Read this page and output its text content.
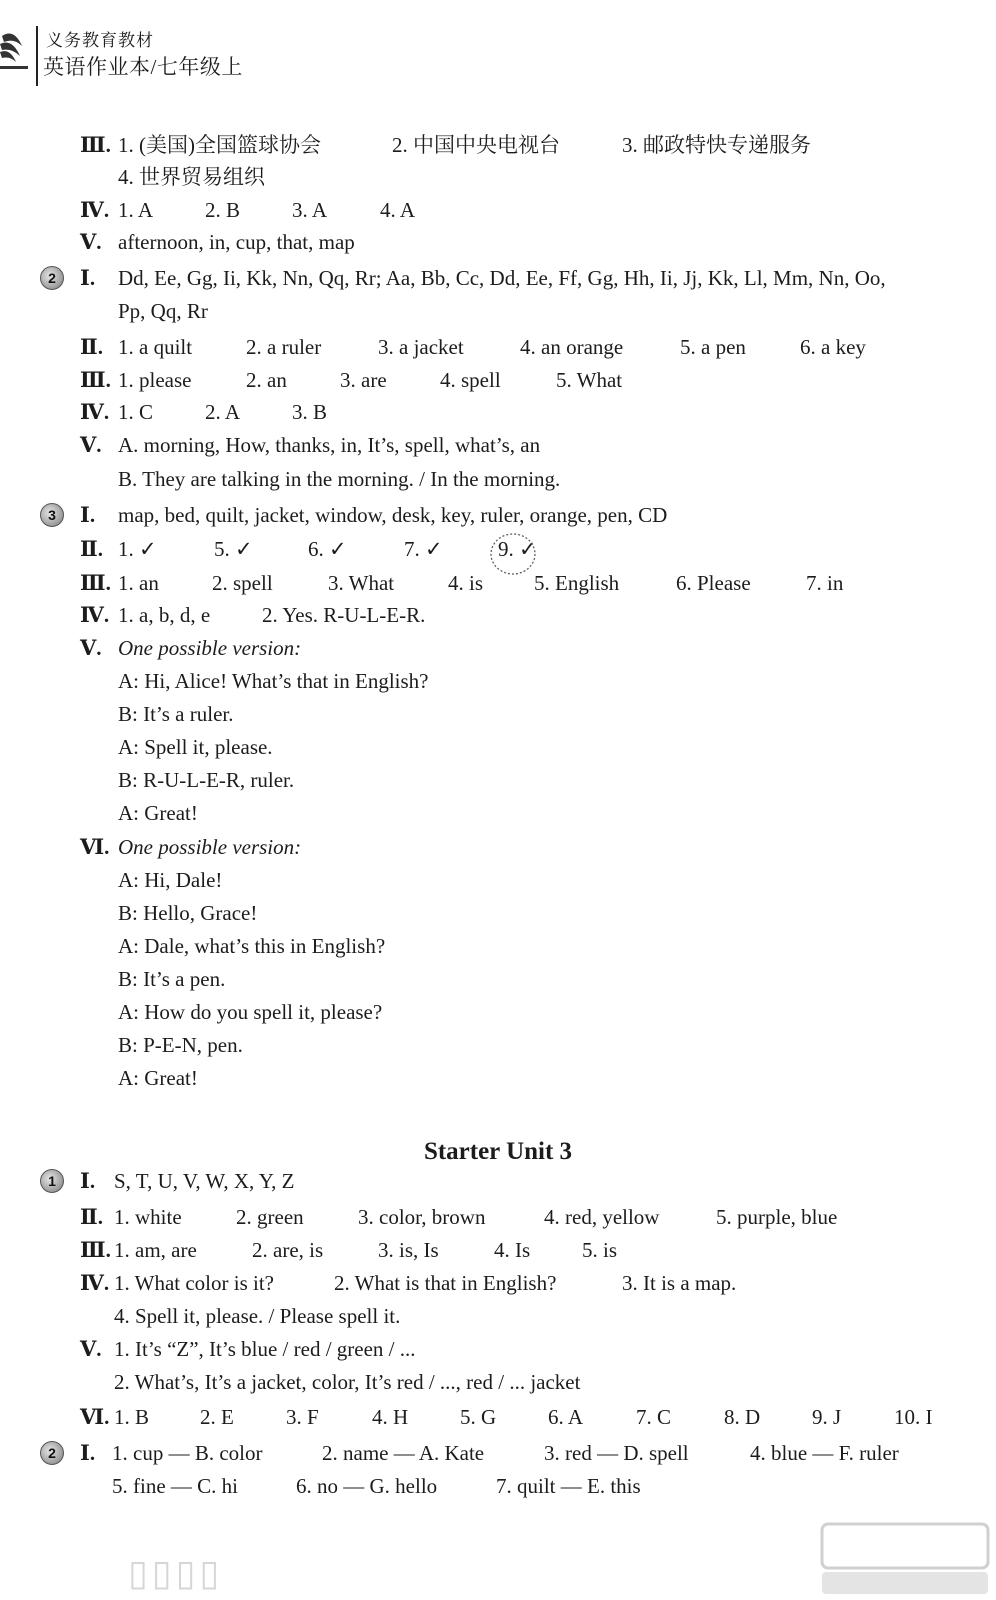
义务教育教材
英语作业本/七年级上
Ⅲ. 1. (美国)全国篮球协会	2. 中国中央电视台	3. 邮政特快专递服务
4. 世界贸易组织
Ⅳ. 1. A 2. B 3. A	4. A
Ⅴ. afternoon, in, cup, that, map
2	Ⅰ. Dd, Ee, Gg, Ii, Kk, Nn, Qq, Rr; Aa, Bb, Cc, Dd, Ee, Ff, Gg, Hh, Ii, Jj, Kk, Ll, Mm, Nn, Oo,
Pp, Qq, Rr
Ⅱ. 1. a quilt	2. a ruler	3. a jacket	4. an orange	5. a pen	6. a key
Ⅲ. 1. please	2. an	3. are	4. spell	5. What
Ⅳ. 1. C 2. A 3. B
Ⅴ. A. morning, How, thanks, in, It’s, spell, what’s, an
B. They are talking in the morning. / In the morning.
3	Ⅰ. map, bed, quilt, jacket, window, desk, key, ruler, orange, pen, CD
Ⅱ. 1. ✓	5. ✓	6. ✓	7. ✓	9. ✓
Ⅲ. 1. an	2. spell	3. What	4. is 5. English	6. Please	7. in
Ⅳ. 1. a, b, d, e 2. Yes. R-U-L-E-R.
Ⅴ. One possible version:
A: Hi, Alice! What’s that in English?
B: It’s a ruler.
A: Spell it, please.
B: R-U-L-E-R, ruler.
A: Great!
Ⅵ. One possible version:
A: Hi, Dale!
B: Hello, Grace!
A: Dale, what’s this in English?
B: It’s a pen.
A: How do you spell it, please?
B: P-E-N, pen.
A: Great!
1	Ⅰ. S, T, U, V, W, X, Y, Z
Ⅱ. 1. white	2. green	3. color, brown	4. red, yellow	5. purple, blue
Ⅲ. 1. am, are	2. are, is	3. is, Is	4. Is 5. is
Ⅳ. 1. What color is it?	2. What is that in English?	3. It is a map.
4. Spell it, please. / Please spell it.
Ⅴ. 1. It’s “Z”, It’s blue / red / green / ...
2. What’s, It’s a jacket, color, It’s red / ..., red / ... jacket
Ⅵ. 1. B 2. E 3. F	4. H 5. G 6. A	7. C	8. D 9. J	10. I
2	Ⅰ. 1. cup — B. color	2. name — A. Kate	3. red — D. spell	4. blue — F. ruler
5. fine — C. hi	6. no — G. hello	7. quilt — E. this
Starter Unit 3
▯▯▯▯
